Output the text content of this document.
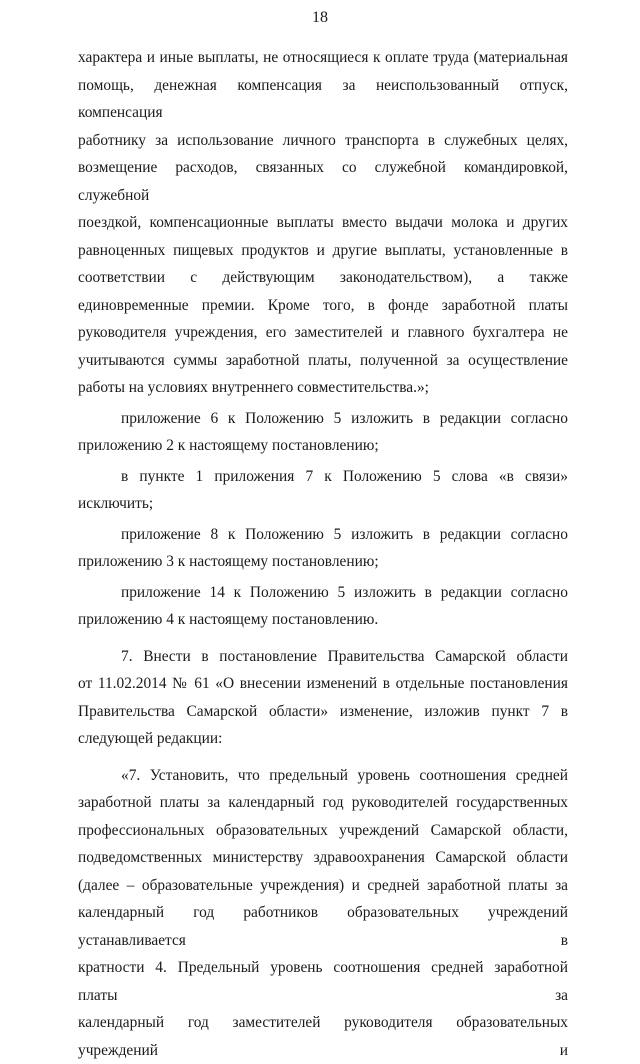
18

характера и иные выплаты, не относящиеся к оплате труда (материальная

помощь, денежная компенсация за неиспользованный отпуск, компенсация

работнику за использование личного транспорта в служебных целях,

возмещение расходов, связанных со служебной командировкой, служебной

поездкой, компенсационные выплаты вместо выдачи молока и других

равноценных пищевых продуктов и другие выплаты, установленные в

соответствии с действующим законодательством), а также

единовременные премии. Кроме того, в фонде заработной платы

руководителя учреждения, его заместителей и главного бухгалтера не

учитываются суммы заработной платы, полученной за осуществление

работы на условиях внутреннего совместительства.»;

приложение 6 к Положению 5 изложить в редакции согласно

приложению 2 к настоящему постановлению;

в пункте 1 приложения 7 к Положению 5 слова «в связи» исключить;

приложение 8 к Положению 5 изложить в редакции согласно

приложению 3 к настоящему постановлению;

приложение 14 к Положению 5 изложить в редакции согласно

приложению 4 к настоящему постановлению.

7. Внести в постановление Правительства Самарской области

от 11.02.2014 № 61 «О внесении изменений в отдельные постановления

Правительства Самарской области» изменение, изложив пункт 7 в

следующей редакции:

«7. Установить, что предельный уровень соотношения средней

заработной платы за календарный год руководителей государственных

профессиональных образовательных учреждений Самарской области,

подведомственных министерству здравоохранения Самарской области

(далее – образовательные учреждения) и средней заработной платы за

календарный год работников образовательных учреждений устанавливается в

кратности 4. Предельный уровень соотношения средней заработной платы за

календарный год заместителей руководителя образовательных учреждений и
